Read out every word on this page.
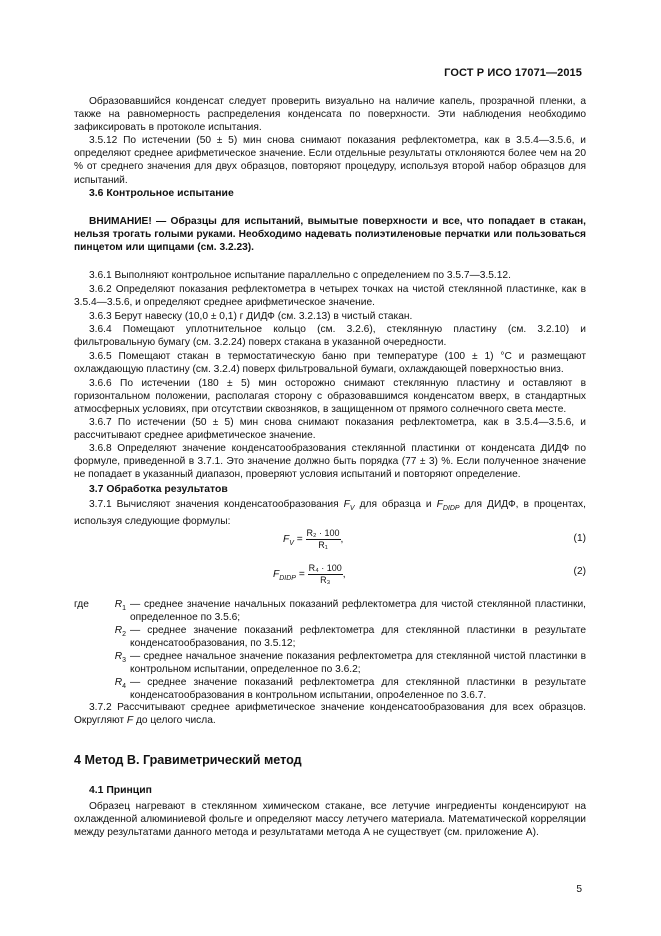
ГОСТ Р ИСО 17071—2015
Образовавшийся конденсат следует проверить визуально на наличие капель, прозрачной пленки, а также на равномерность распределения конденсата по поверхности. Эти наблюдения необходимо зафиксировать в протоколе испытания.
3.5.12 По истечении (50 ± 5) мин снова снимают показания рефлектометра, как в 3.5.4—3.5.6, и определяют среднее арифметическое значение. Если отдельные результаты отклоняются более чем на 20 % от среднего значения для двух образцов, повторяют процедуру, используя второй набор образцов для испытаний.
3.6 Контрольное испытание
ВНИМАНИЕ! — Образцы для испытаний, вымытые поверхности и все, что попадает в стакан, нельзя трогать голыми руками. Необходимо надевать полиэтиленовые перчатки или пользоваться пинцетом или щипцами (см. 3.2.23).
3.6.1 Выполняют контрольное испытание параллельно с определением по 3.5.7—3.5.12.
3.6.2 Определяют показания рефлектометра в четырех точках на чистой стеклянной пластинке, как в 3.5.4—3.5.6, и определяют среднее арифметическое значение.
3.6.3 Берут навеску (10,0 ± 0,1) г ДИДФ (см. 3.2.13) в чистый стакан.
3.6.4 Помещают уплотнительное кольцо (см. 3.2.6), стеклянную пластину (см. 3.2.10) и фильтровальную бумагу (см. 3.2.24) поверх стакана в указанной очередности.
3.6.5 Помещают стакан в термостатическую баню при температуре (100 ± 1) °С и размещают охлаждающую пластину (см. 3.2.4) поверх фильтровальной бумаги, охлаждающей поверхностью вниз.
3.6.6 По истечении (180 ± 5) мин осторожно снимают стеклянную пластину и оставляют в горизонтальном положении, располагая сторону с образовавшимся конденсатом вверх, в стандартных атмосферных условиях, при отсутствии сквозняков, в защищенном от прямого солнечного света месте.
3.6.7 По истечении (50 ± 5) мин снова снимают показания рефлектометра, как в 3.5.4—3.5.6, и рассчитывают среднее арифметическое значение.
3.6.8 Определяют значение конденсатообразования стеклянной пластинки от конденсата ДИДФ по формуле, приведенной в 3.7.1. Это значение должно быть порядка (77 ± 3) %. Если полученное значение не попадает в указанный диапазон, проверяют условия испытаний и повторяют определение.
3.7 Обработка результатов
3.7.1 Вычисляют значения конденсатообразования $F_V$ для образца и $F_{DIDP}$ для ДИДФ, в процентах, используя следующие формулы:
$F_V = \frac{\text{R₂ · 100}}{\text{R₁}}$ ,	(1)
$F_{DIDP} = \frac{\text{R₄ · 100}}{\text{R₃}}$ ,	(2)
где	$R_1$ — среднее значение начальных показаний рефлектометра для чистой стеклянной пластинки, определенное по 3.5.6;
$R_2$ — среднее значение показаний рефлектометра для стеклянной пластинки в результате конденсатообразования, по 3.5.12;
$R_3$ — среднее начальное значение показания рефлектометра для стеклянной чистой пластинки в контрольном испытании, определенное по 3.6.2;
$R_4$ — среднее значение показаний рефлектометра для стеклянной пластинки в результате конденсатообразования в контрольном испытании, опро4еленное по 3.6.7.
3.7.2 Рассчитывают среднее арифметическое значение конденсатообразования для всех образцов. Округляют F до целого числа.
4 Метод В. Гравиметрический метод
4.1 Принцип
Образец нагревают в стеклянном химическом стакане, все летучие ингредиенты конденсируют на охлажденной алюминиевой фольге и определяют массу летучего материала. Математической корреляции между результатами данного метода и результатами метода А не существует (см. приложение А).
5
